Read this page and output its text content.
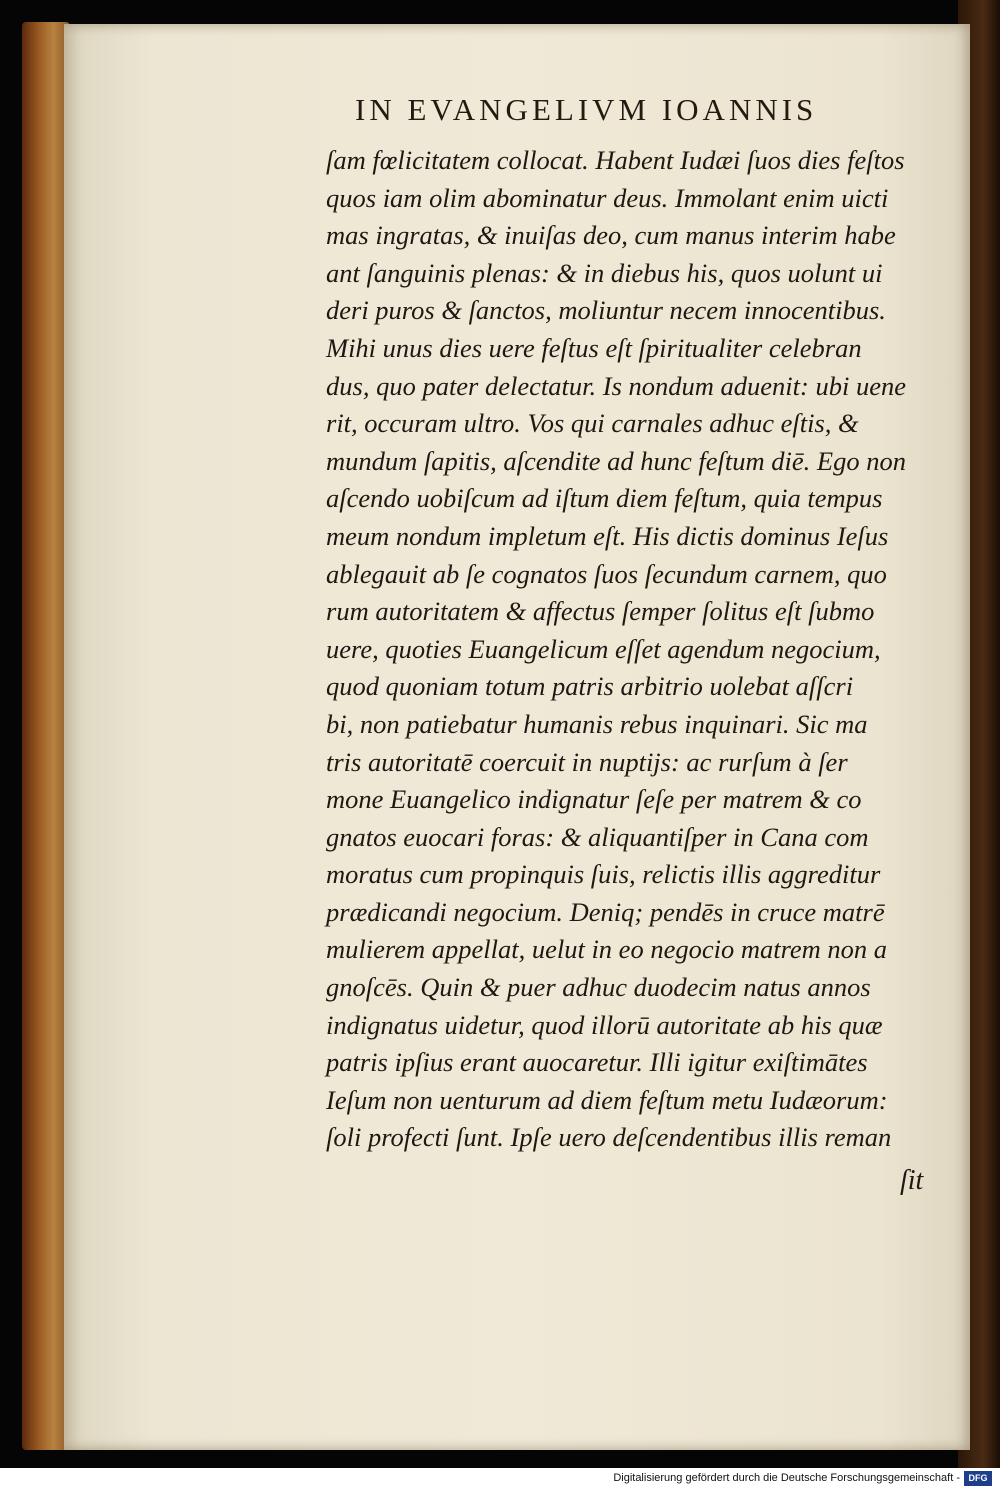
IN EVANGELIVM IOANNIS
ſam fœlicitatem collocat. Habent Iudæi ſuos dies feſtos
quos iam olim abominatur deus. Immolant enim uicti
mas ingratas, & inuiſas deo, cum manus interim habe
ant ſanguinis plenas: & in diebus his, quos uolunt ui
deri puros & ſanctos, moliuntur necem innocentibus.
Mihi unus dies uere feſtus eſt ſpiritualiter celebran
dus, quo pater delectatur. Is nondum aduenit: ubi uene
rit, occuram ultro. Vos qui carnales adhuc eſtis, &
mundum ſapitis, aſcendite ad hunc feſtum diē. Ego non
aſcendo uobiſcum ad iſtum diem feſtum, quia tempus
meum nondum impletum eſt. His dictis dominus Ieſus
ablegauit ab ſe cognatos ſuos ſecundum carnem, quo
rum autoritatem & affectus ſemper ſolitus eſt ſubmo
uere, quoties Euangelicum eſſet agendum negocium,
quod quoniam totum patris arbitrio uolebat aſſcri
bi, non patiebatur humanis rebus inquinari. Sic ma
tris autoritatē coercuit in nuptijs: ac rurſum à ſer
mone Euangelico indignatur ſeſe per matrem & co
gnatos euocari foras: & aliquantiſper in Cana com
moratus cum propinquis ſuis, relictis illis aggreditur
prædicandi negocium. Deniq; pendēs in cruce matrē
mulierem appellat, uelut in eo negocio matrem non a
gnoſcēs. Quin & puer adhuc duodecim natus annos
indignatus uidetur, quod illorū autoritate ab his quæ
patris ipſius erant auocaretur. Illi igitur exiſtimātes
Ieſum non uenturum ad diem feſtum metu Iudæorum:
ſoli profecti ſunt. Ipſe uero deſcendentibus illis reman
ſit
Digitalisierung gefördert durch die Deutsche Forschungsgemeinschaft - DFG
